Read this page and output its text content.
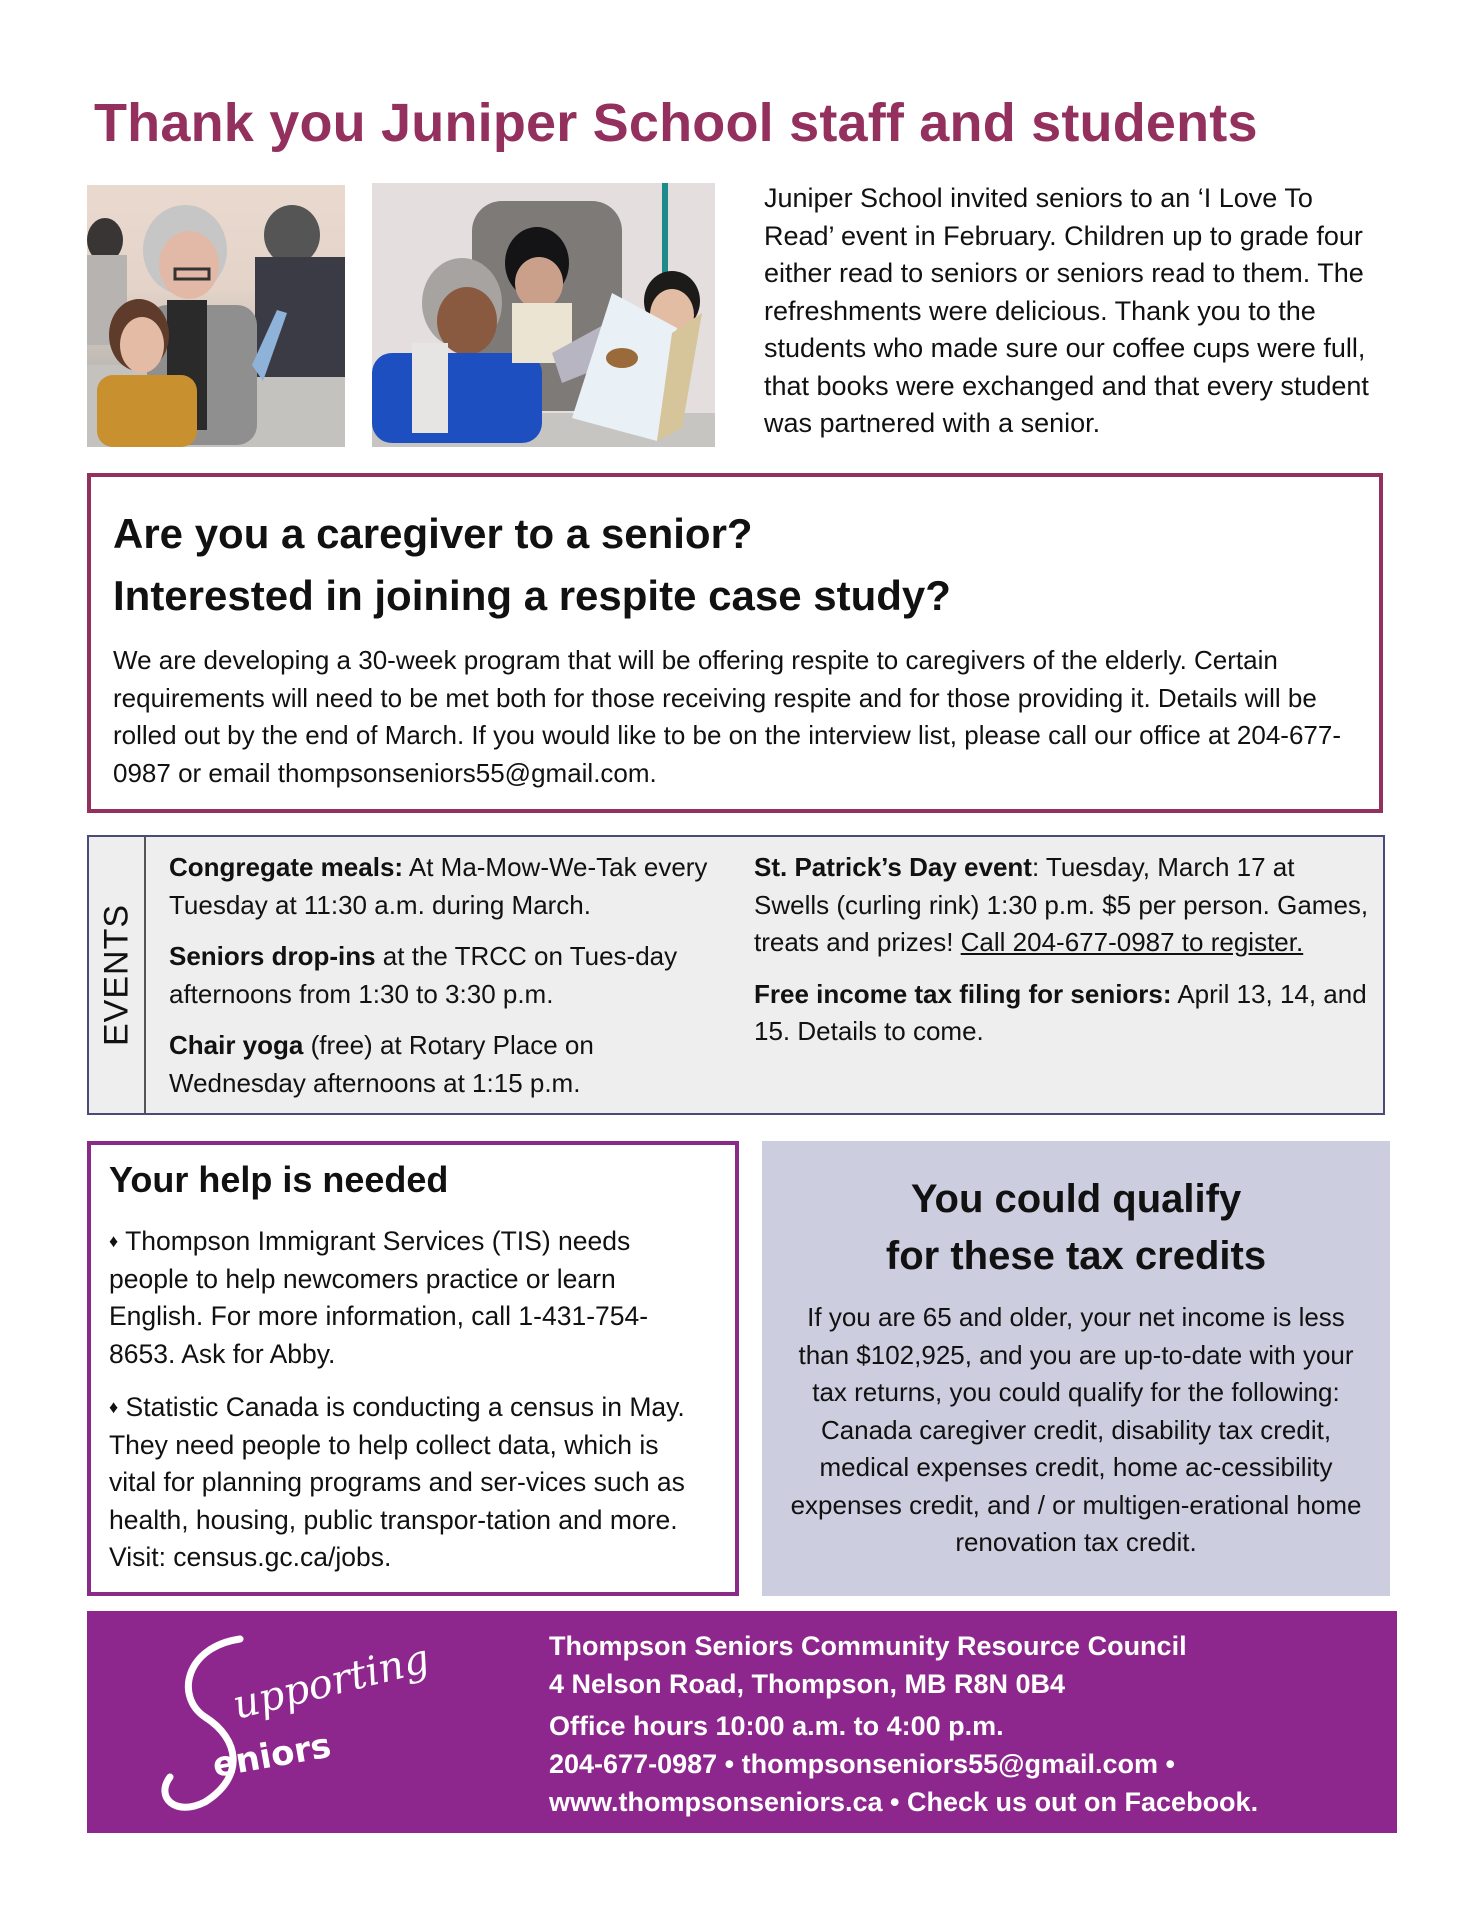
Thank you Juniper School staff and students

Juniper School invited seniors to an ‘I Love To Read’ event in February. Children up to grade four either read to seniors or seniors read to them. The refreshments were delicious. Thank you to the students who made sure our coffee cups were full, that books were exchanged and that every student was partnered with a senior.

Are you a caregiver to a senior?
Interested in joining a respite case study?

We are developing a 30-week program that will be offering respite to caregivers of the elderly. Certain requirements will need to be met both for those receiving respite and for those providing it. Details will be rolled out by the end of March. If you would like to be on the interview list, please call our office at 204-677-0987 or email thompsonseniors55@gmail.com.

EVENTS

Congregate meals: At Ma-Mow-We-Tak every Tuesday at 11:30 a.m. during March.

Seniors drop-ins at the TRCC on Tues-day afternoons from 1:30 to 3:30 p.m.

Chair yoga (free) at Rotary Place on Wednesday afternoons at 1:15 p.m.

St. Patrick’s Day event: Tuesday, March 17 at Swells (curling rink) 1:30 p.m. $5 per person. Games, treats and prizes! Call 204-677-0987 to register.

Free income tax filing for seniors: April 13, 14, and 15. Details to come.

Your help is needed

♦ Thompson Immigrant Services (TIS) needs people to help newcomers practice or learn English. For more information, call 1-431-754-8653. Ask for Abby.

♦ Statistic Canada is conducting a census in May. They need people to help collect data, which is vital for planning programs and ser-vices such as health, housing, public transpor-tation and more. Visit: census.gc.ca/jobs.

You could qualify
for these tax credits

If you are 65 and older, your net income is less than $102,925, and you are up-to-date with your tax returns, you could qualify for the following: Canada caregiver credit, disability tax credit, medical expenses credit, home ac-cessibility expenses credit, and / or multigen-erational home renovation tax credit.

upporting
eniors
Thompson Seniors Community Resource Council
4 Nelson Road, Thompson, MB R8N 0B4
Office hours 10:00 a.m. to 4:00 p.m.
204-677-0987 • thompsonseniors55@gmail.com •
www.thompsonseniors.ca • Check us out on Facebook.
